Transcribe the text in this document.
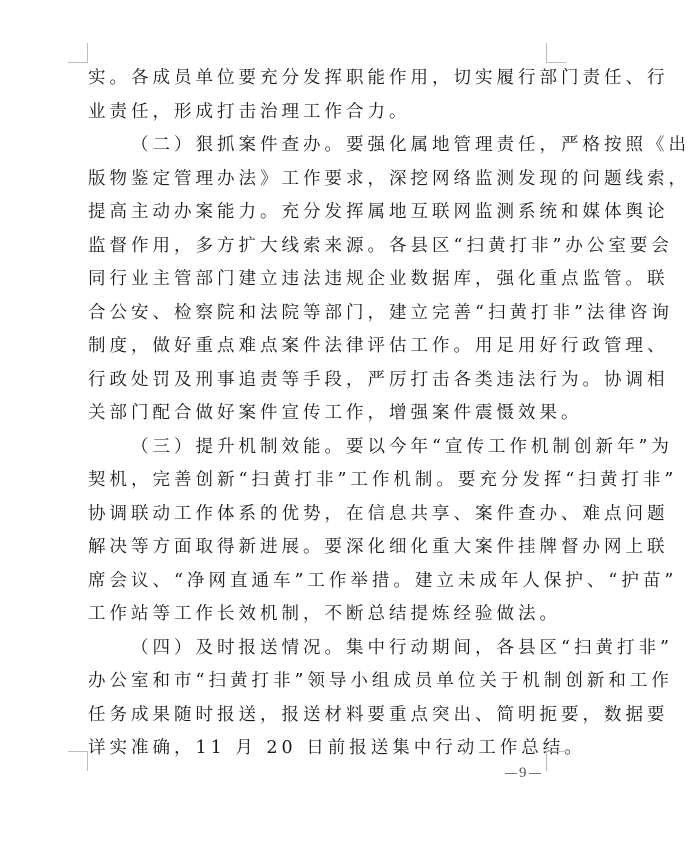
实。各成员单位要充分发挥职能作用，切实履行部门责任、行
业责任，形成打击治理工作合力。
（二）狠抓案件查办。要强化属地管理责任，严格按照《出
版物鉴定管理办法》工作要求，深挖网络监测发现的问题线索，
提高主动办案能力。充分发挥属地互联网监测系统和媒体舆论
监督作用，多方扩大线索来源。各县区“扫黄打非”办公室要会
同行业主管部门建立违法违规企业数据库，强化重点监管。联
合公安、检察院和法院等部门，建立完善“扫黄打非”法律咨询
制度，做好重点难点案件法律评估工作。用足用好行政管理、
行政处罚及刑事追责等手段，严厉打击各类违法行为。协调相
关部门配合做好案件宣传工作，增强案件震慑效果。
（三）提升机制效能。要以今年“宣传工作机制创新年”为
契机，完善创新“扫黄打非”工作机制。要充分发挥“扫黄打非”
协调联动工作体系的优势，在信息共享、案件查办、难点问题
解决等方面取得新进展。要深化细化重大案件挂牌督办网上联
席会议、“净网直通车”工作举措。建立未成年人保护、“护苗”
工作站等工作长效机制，不断总结提炼经验做法。
（四）及时报送情况。集中行动期间，各县区“扫黄打非”
办公室和市“扫黄打非”领导小组成员单位关于机制创新和工作
任务成果随时报送，报送材料要重点突出、简明扼要，数据要
详实准确，11 月 20 日前报送集中行动工作总结。
9
